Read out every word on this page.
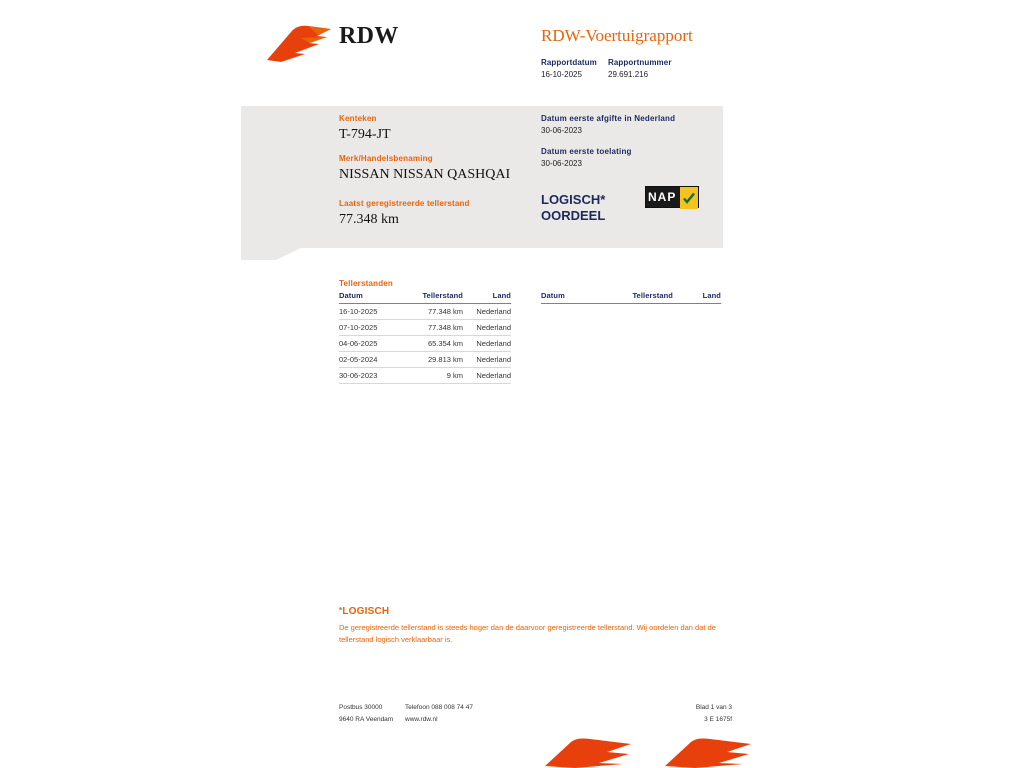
RDW	RDW-Voertuigrapport
Rapportdatum	Rapportnummer
16-10-2025	29.691.216
Kenteken
T-794-JT
Merk/Handelsbenaming
NISSAN NISSAN QASHQAI
Laatst geregistreerde tellerstand
77.348 km
Datum eerste afgifte in Nederland
30-06-2023
Datum eerste toelating
30-06-2023
LOGISCH*
OORDEEL
NAP
Tellerstanden
Datum	Tellerstand	Land
16-10-2025	77.348 km	Nederland
07-10-2025	77.348 km	Nederland
04-06-2025	65.354 km	Nederland
02-05-2024	29.813 km	Nederland
30-06-2023	9 km	Nederland
Datum	Tellerstand	Land
*LOGISCH
De geregistreerde tellerstand is steeds hoger dan de daarvoor geregistreerde tellerstand. Wij oordelen dan dat de tellerstand logisch verklaarbaar is.
Postbus 30000	Telefoon 088 008 74 47
9640 RA Veendam	www.rdw.nl
Blad 1 van 3
3 E 1675f
